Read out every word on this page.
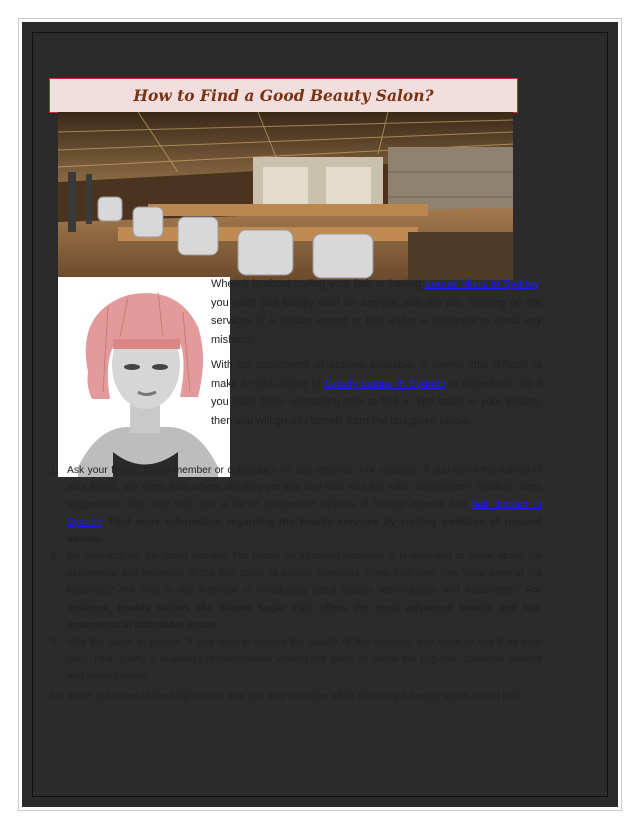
How to Find a Good Beauty Salon?

When it is about styling your hair or having dermal fillers in Sydney, you can’t just blindly trust on anyone with the job. Relying on the services of a beauty expert or hair stylist is essential to avoid any mishaps.

With an assortment of options available, it seems little difficult to make a right choice of beauty salons in Sydney or elsewhere. So if you have been wondering how to find a right salon in your locality, then you will greatly benefit from the tips given below.

1. Ask your friend, family member or colleagues for any referrals. For example, If you loved the haircut of your friend, ask them from where did they get that and how was the salon experience? Similarly, seek suggestions that may help you a list of prospective options of beauty experts and hair dresser in Sydney. Find more information regarding the beauty services by visiting websites of reputed salons.
2. Do research on the listed options. For taking an informed decision, it is essential to know about the experience and expertise of the hair stylist or beauty specialist. From how long they have been in the business? Are they in the forefront in introducing latest beauty technologies and treatments? For instance, beauty salons like Brown Sugar Hair offers the most advanced beauty and hair treatments at affordable prices.
3. Visit the salon in person. If you wish to ensure the quality of the services, you have to see it by your own. That is why it is always recommended visiting the salon to check the hygiene, customer service and surroundings.
So, these are some of the helpful cues that you may consider while choosing a beauty salon. Good luck!
